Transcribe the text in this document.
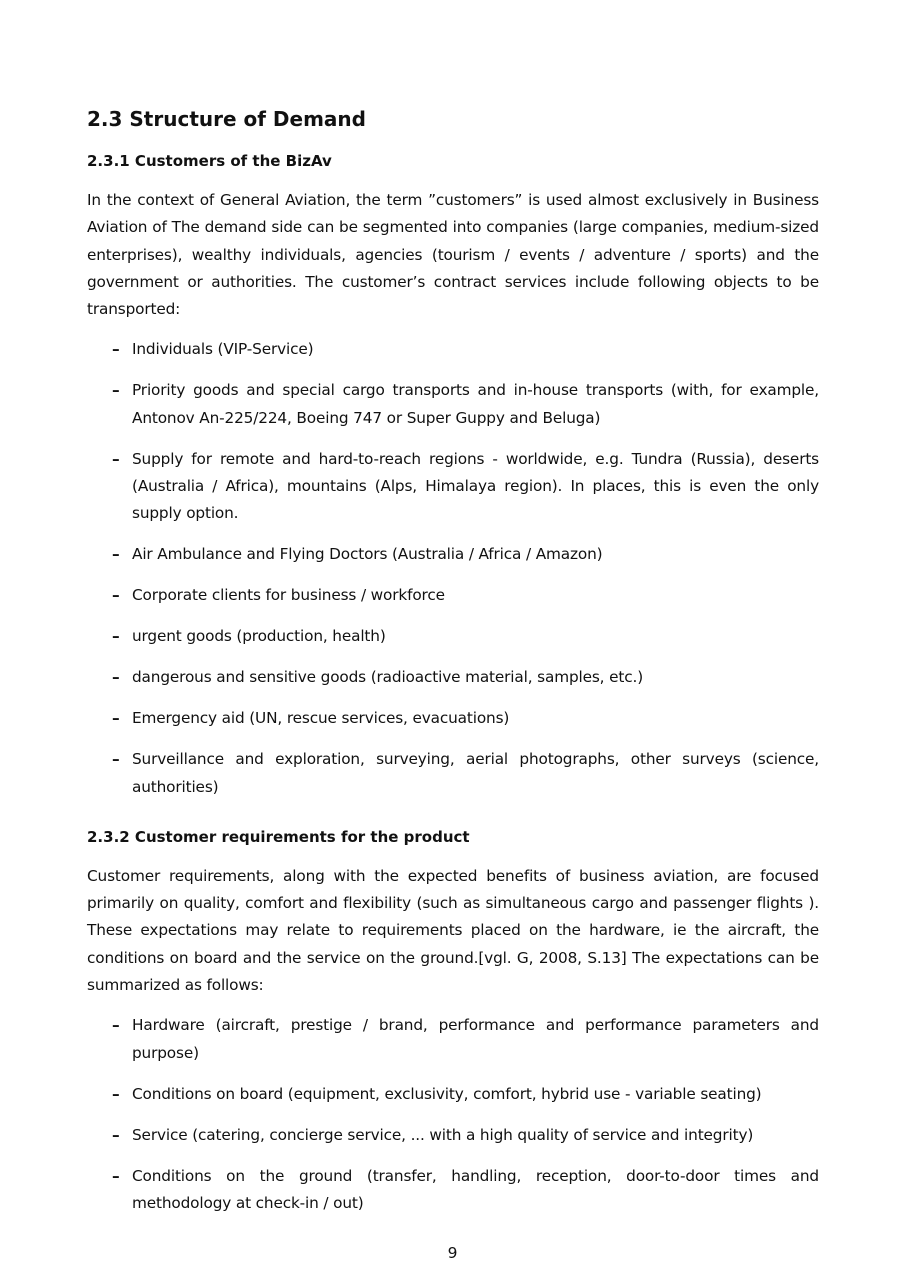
2.3 Structure of Demand
2.3.1 Customers of the BizAv

In the context of General Aviation, the term ”customers” is used almost exclusively in Business Aviation of The demand side can be segmented into companies (large companies, medium-sized enterprises), wealthy individuals, agencies (tourism / events / adventure / sports) and the government or authorities. The customer’s contract services include following objects to be transported:

– Individuals (VIP-Service)
– Priority goods and special cargo transports and in-house transports (with, for example, Antonov An-225/224, Boeing 747 or Super Guppy and Beluga)
– Supply for remote and hard-to-reach regions - worldwide, e.g. Tundra (Russia), deserts (Australia / Africa), mountains (Alps, Himalaya region). In places, this is even the only supply option.
– Air Ambulance and Flying Doctors (Australia / Africa / Amazon)
– Corporate clients for business / workforce
– urgent goods (production, health)
– dangerous and sensitive goods (radioactive material, samples, etc.)
– Emergency aid (UN, rescue services, evacuations)
– Surveillance and exploration, surveying, aerial photographs, other surveys (science, authorities)
2.3.2 Customer requirements for the product

Customer requirements, along with the expected benefits of business aviation, are focused primarily on quality, comfort and flexibility (such as simultaneous cargo and passenger flights ). These expectations may relate to requirements placed on the hardware, ie the aircraft, the conditions on board and the service on the ground.[vgl. G, 2008, S.13] The expectations can be summarized as follows:

– Hardware (aircraft, prestige / brand, performance and performance parameters and purpose)
– Conditions on board (equipment, exclusivity, comfort, hybrid use - variable seating)
– Service (catering, concierge service, ... with a high quality of service and integrity)
– Conditions on the ground (transfer, handling, reception, door-to-door times and methodology at check-in / out)
9
